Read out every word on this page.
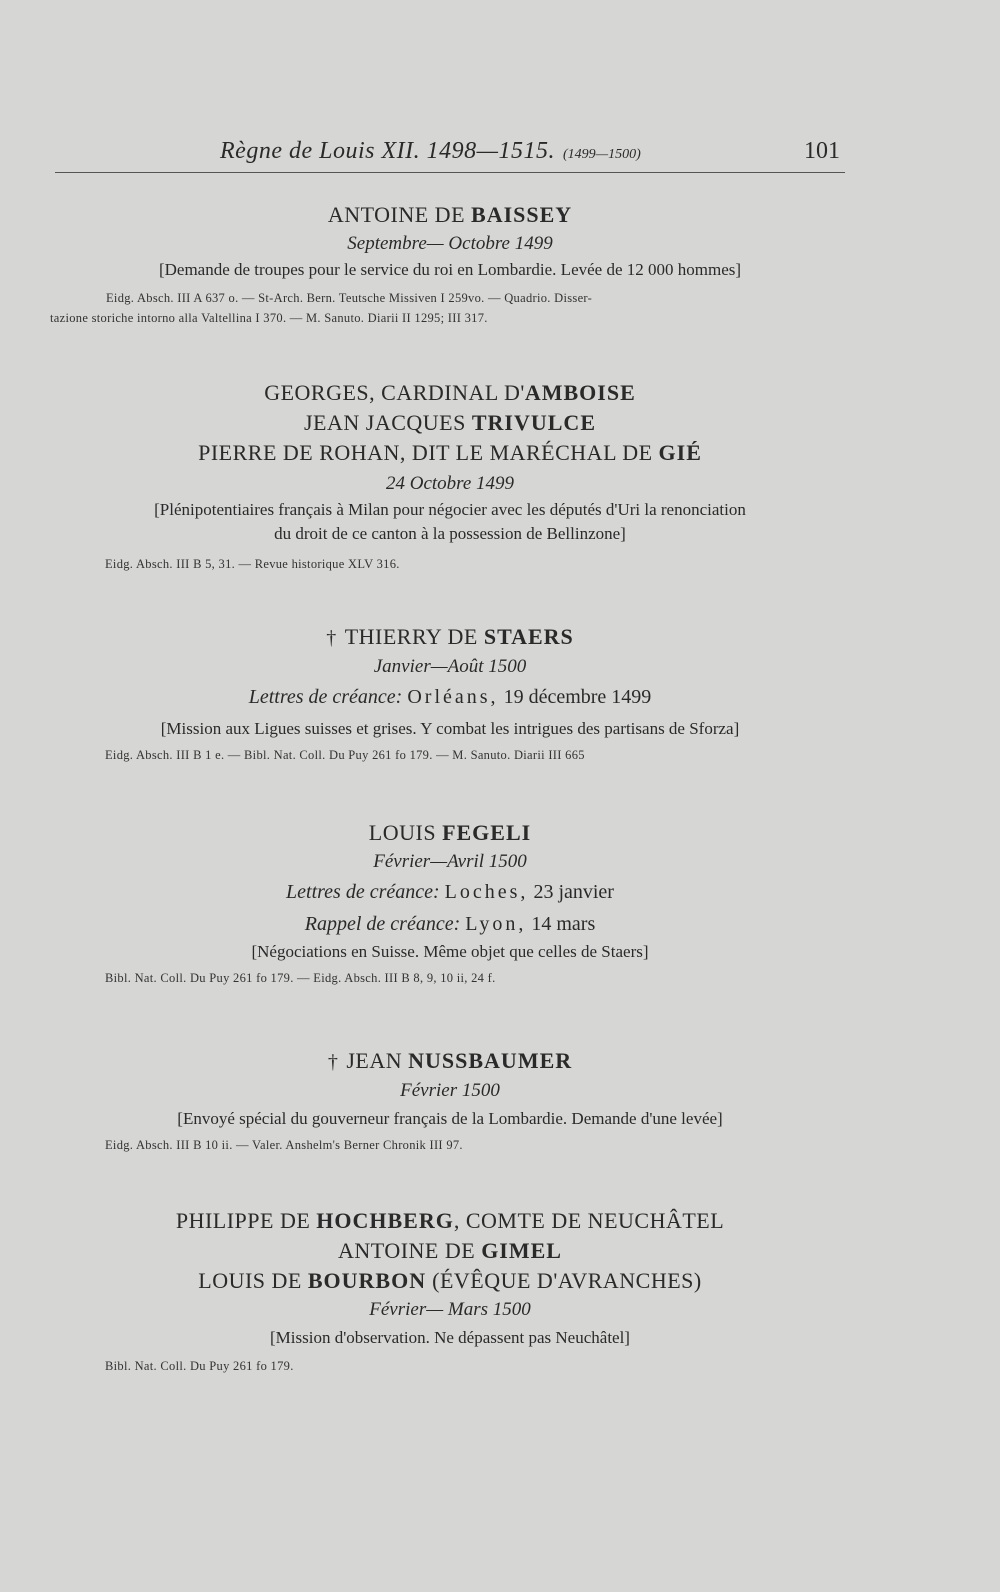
Règne de Louis XII. 1498—1515. (1499—1500)	101
ANTOINE DE BAISSEY
Septembre— Octobre 1499
[Demande de troupes pour le service du roi en Lombardie. Levée de 12 000 hommes]
Eidg. Absch. III A 637 o. — St-Arch. Bern. Teutsche Missiven I 259vo. — Quadrio. Disser-
tazione storiche intorno alla Valtellina I 370. — M. Sanuto. Diarii II 1295; III 317.
GEORGES, CARDINAL D'AMBOISE
JEAN JACQUES TRIVULCE
PIERRE DE ROHAN, DIT LE MARÉCHAL DE GIÉ
24 Octobre 1499
[Plénipotentiaires français à Milan pour négocier avec les députés d'Uri la renonciation
du droit de ce canton à la possession de Bellinzone]
Eidg. Absch. III B 5, 31. — Revue historique XLV 316.
† THIERRY DE STAERS
Janvier—Août 1500
Lettres de créance: Orléans, 19 décembre 1499
[Mission aux Ligues suisses et grises. Y combat les intrigues des partisans de Sforza]
Eidg. Absch. III B 1 e. — Bibl. Nat. Coll. Du Puy 261 fo 179. — M. Sanuto. Diarii III 665
LOUIS FEGELI
Février—Avril 1500
Lettres de créance: Loches, 23 janvier
Rappel de créance: Lyon, 14 mars
[Négociations en Suisse. Même objet que celles de Staers]
Bibl. Nat. Coll. Du Puy 261 fo 179. — Eidg. Absch. III B 8, 9, 10 ii, 24 f.
† JEAN NUSSBAUMER
Février 1500
[Envoyé spécial du gouverneur français de la Lombardie. Demande d'une levée]
Eidg. Absch. III B 10 ii. — Valer. Anshelm's Berner Chronik III 97.
PHILIPPE DE HOCHBERG, COMTE DE NEUCHÂTEL
ANTOINE DE GIMEL
LOUIS DE BOURBON (ÉVÊQUE D'AVRANCHES)
Février— Mars 1500
[Mission d'observation. Ne dépassent pas Neuchâtel]
Bibl. Nat. Coll. Du Puy 261 fo 179.
